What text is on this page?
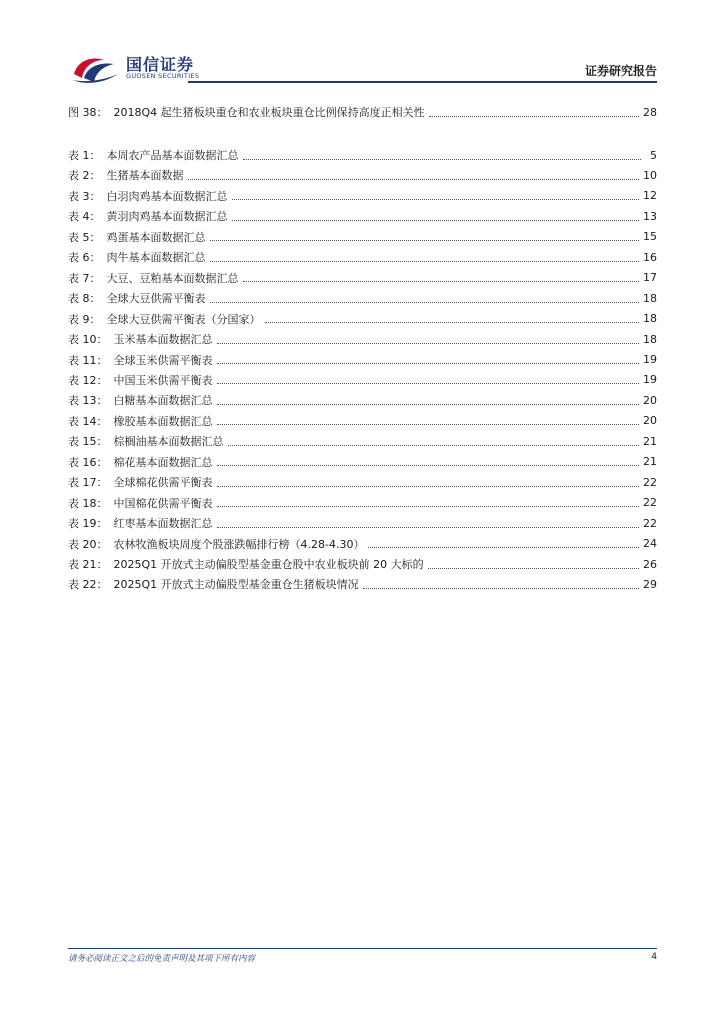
国信证券
GUOSEN SECURITIES	证券研究报告
图 38： 2018Q4 起生猪板块重仓和农业板块重仓比例保持高度正相关性	28
表 1： 本周农产品基本面数据汇总	5
表 2： 生猪基本面数据	10
表 3： 白羽肉鸡基本面数据汇总	12
表 4： 黄羽肉鸡基本面数据汇总	13
表 5： 鸡蛋基本面数据汇总	15
表 6： 肉牛基本面数据汇总	16
表 7： 大豆、豆粕基本面数据汇总	17
表 8： 全球大豆供需平衡表	18
表 9： 全球大豆供需平衡表（分国家）	18
表 10： 玉米基本面数据汇总	18
表 11： 全球玉米供需平衡表	19
表 12： 中国玉米供需平衡表	19
表 13： 白糖基本面数据汇总	20
表 14： 橡胶基本面数据汇总	20
表 15： 棕榈油基本面数据汇总	21
表 16： 棉花基本面数据汇总	21
表 17： 全球棉花供需平衡表	22
表 18： 中国棉花供需平衡表	22
表 19： 红枣基本面数据汇总	22
表 20： 农林牧渔板块周度个股涨跌幅排行榜（4.28-4.30）	24
表 21： 2025Q1 开放式主动偏股型基金重仓股中农业板块前 20 大标的	26
表 22： 2025Q1 开放式主动偏股型基金重仓生猪板块情况	29
请务必阅读正文之后的免责声明及其项下所有内容	4
